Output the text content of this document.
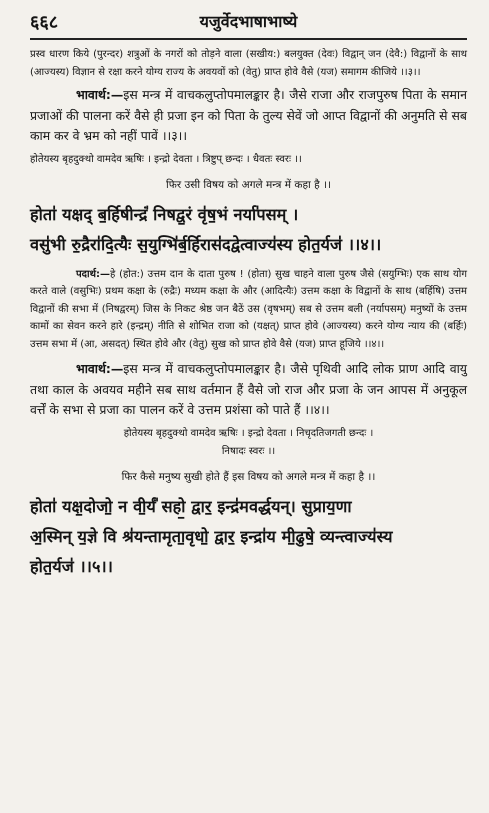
६६८	यजुर्वेदभाषाभाष्ये

प्रस्व धारण किये (पुरन्दर) शत्रुओं के नगरों को तोड़ने वाला (सखीय:) बलयुक्त (देवः) विद्वान् जन (देवै:) विद्वानों के साथ (आज्यस्य) विज्ञान से रक्षा करने योग्य राज्य के अवयवों को (वेतु) प्राप्त होवे वैसे (यज) समागम कीजिये ।।३।।

भावार्थ:—इस मन्त्र में वाचकलुप्तोपमालङ्कार है। जैसे राजा और राजपुरुष पिता के समान प्रजाओं की पालना करें वैसे ही प्रजा इन को पिता के तुल्य सेवें जो आप्त विद्वानों की अनुमति से सब काम कर वे भ्रम को नहीं पावें ।।३।।

होतेयस्य बृहदुक्थो वामदेव ऋषिः । इन्द्रो देवता । त्रिष्टुप् छन्दः । धैवतः स्वरः ।।

फिर उसी विषय को अगले मन्त्र में कहा है ।।

होता॑ यक्षद् ब॒र्हिषीन्द्रं॑ निषद्व॒रं वृ॑ष॒भं नर्या॑पसम् ।

वसु॑भी रु॒द्रैरा॑दि॒त्यैः स॒युग्भि॑र्ब॒र्हिरास॑दद्वेत्वाज्य॑स्य होत॒र्यज॑ ।।४।।

पदार्थ:—हे (होत:) उत्तम दान के दाता पुरुष ! (होता) सुख चाहने वाला पुरुष जैसे (सयुग्भिः) एक साथ योग करते वाले (वसुभिः) प्रथम कक्षा के (रुद्रैः) मध्यम कक्षा के और (आदित्यैः) उत्तम कक्षा के विद्वानों के साथ (बर्हिषि) उत्तम विद्वानों की सभा में (निषद्वरम्) जिस के निकट श्रेष्ठ जन बैठें उस (वृषभम्) सब से उत्तम बली (नर्यापसम्) मनुष्यों के उत्तम कामों का सेवन करने हारे (इन्द्रम्) नीति से शोभित राजा को (यक्षत्) प्राप्त होवे (आज्यस्य) करने योग्य न्याय की (बर्हिः) उत्तम सभा में (आ, असदत्) स्थित होवे और (वेतु) सुख को प्राप्त होवे वैसे (यज) प्राप्त हूजिये ।।४।।

भावार्थ:—इस मन्त्र में वाचकलुप्तोपमालङ्कार है। जैसे पृथिवी आदि लोक प्राण आदि वायु तथा काल के अवयव महीने सब साथ वर्तमान हैं वैसे जो राज और प्रजा के जन आपस में अनुकूल वर्त्तें के सभा से प्रजा का पालन करें वे उत्तम प्रशंसा को पाते हैं ।।४।।

होतेयस्य बृहदुक्थो वामदेव ऋषिः । इन्द्रो देवता । निचृदतिजगती छन्दः ।

निषादः स्वरः ।।

फिर कैसे मनुष्य सुखी होते हैं इस विषय को अगले मन्त्र में कहा है ।।

होता॑ यक्ष॒दोजो॒ न वी॒र्यं॑ सहो॒ द्वार॒ इन्द्र॑मवर्द्धयन्। सुप्राय॒णा

अ॒स्मिन् य॒ज्ञे वि श्र॑यन्तामृता॒वृधो॒ द्वार॒ इन्द्रा॑य मी॒ढुषे॒ व्यन्त्वाज्य॑स्य

होत॒र्यज॑ ।।५।।
